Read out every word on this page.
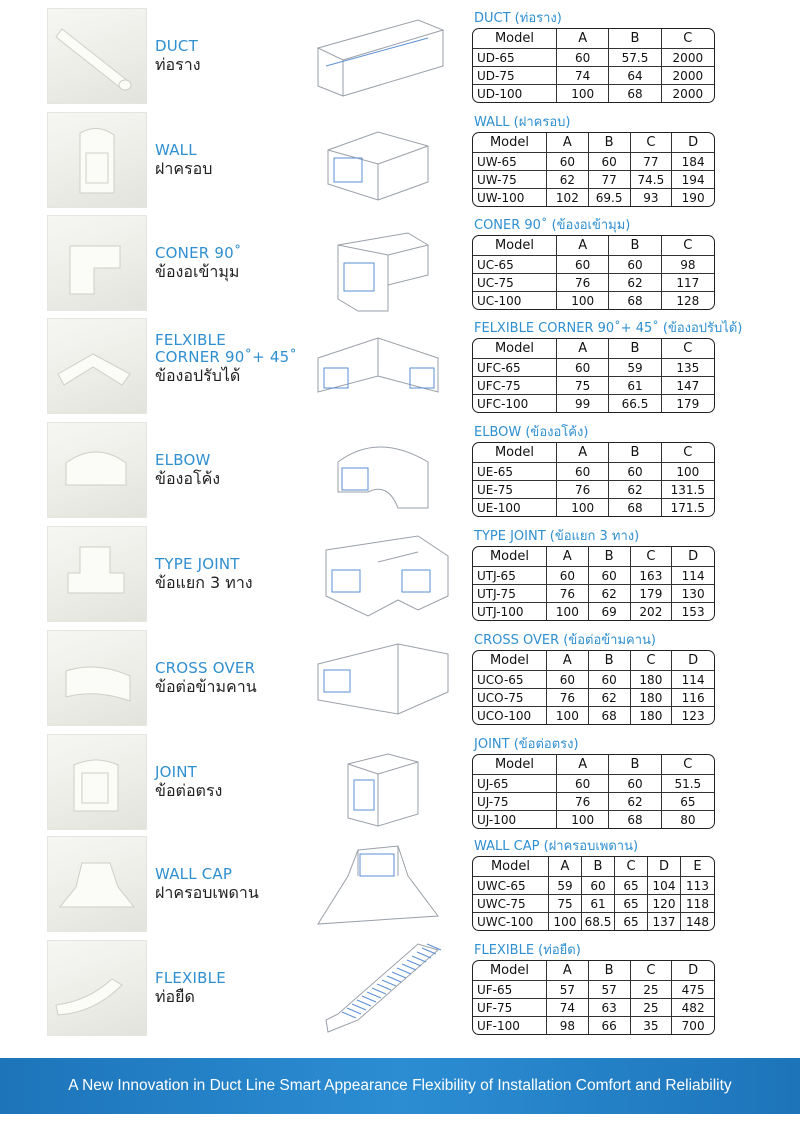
DUCT
ท่อราง
DUCT (ท่อราง)
Model	A	B	C
UD-65	60	57.5	2000
UD-75	74	64	2000
UD-100	100	68	2000
WALL
ฝาครอบ
WALL (ฝาครอบ)
Model	A	B	C	D
UW-65	60	60	77	184
UW-75	62	77	74.5	194
UW-100	102	69.5	93	190
CONER 90˚
ข้องอเข้ามุม
CONER 90˚ (ข้องอเข้ามุม)
Model	A	B	C
UC-65	60	60	98
UC-75	76	62	117
UC-100	100	68	128
FELXIBLE
CORNER 90˚+ 45˚
ข้องอปรับได้
FELXIBLE CORNER 90˚+ 45˚ (ข้องอปรับได้)
Model	A	B	C
UFC-65	60	59	135
UFC-75	75	61	147
UFC-100	99	66.5	179
ELBOW
ข้องอโค้ง
ELBOW (ข้องอโค้ง)
Model	A	B	C
UE-65	60	60	100
UE-75	76	62	131.5
UE-100	100	68	171.5
TYPE JOINT
ข้อแยก 3 ทาง
TYPE JOINT (ข้อแยก 3 ทาง)
Model	A	B	C	D
UTJ-65	60	60	163	114
UTJ-75	76	62	179	130
UTJ-100	100	69	202	153
CROSS OVER
ข้อต่อข้ามคาน
CROSS OVER (ข้อต่อข้ามคาน)
Model	A	B	C	D
UCO-65	60	60	180	114
UCO-75	76	62	180	116
UCO-100	100	68	180	123
JOINT
ข้อต่อตรง
JOINT (ข้อต่อตรง)
Model	A	B	C
UJ-65	60	60	51.5
UJ-75	76	62	65
UJ-100	100	68	80
WALL CAP
ฝาครอบเพดาน
WALL CAP (ฝาครอบเพดาน)
Model	A	B	C	D	E
UWC-65	59	60	65	104	113
UWC-75	75	61	65	120	118
UWC-100	100	68.5	65	137	148
FLEXIBLE
ท่อยืด
FLEXIBLE (ท่อยืด)
Model	A	B	C	D
UF-65	57	57	25	475
UF-75	74	63	25	482
UF-100	98	66	35	700
A New Innovation in Duct Line Smart Appearance Flexibility of Installation Comfort and Reliability
